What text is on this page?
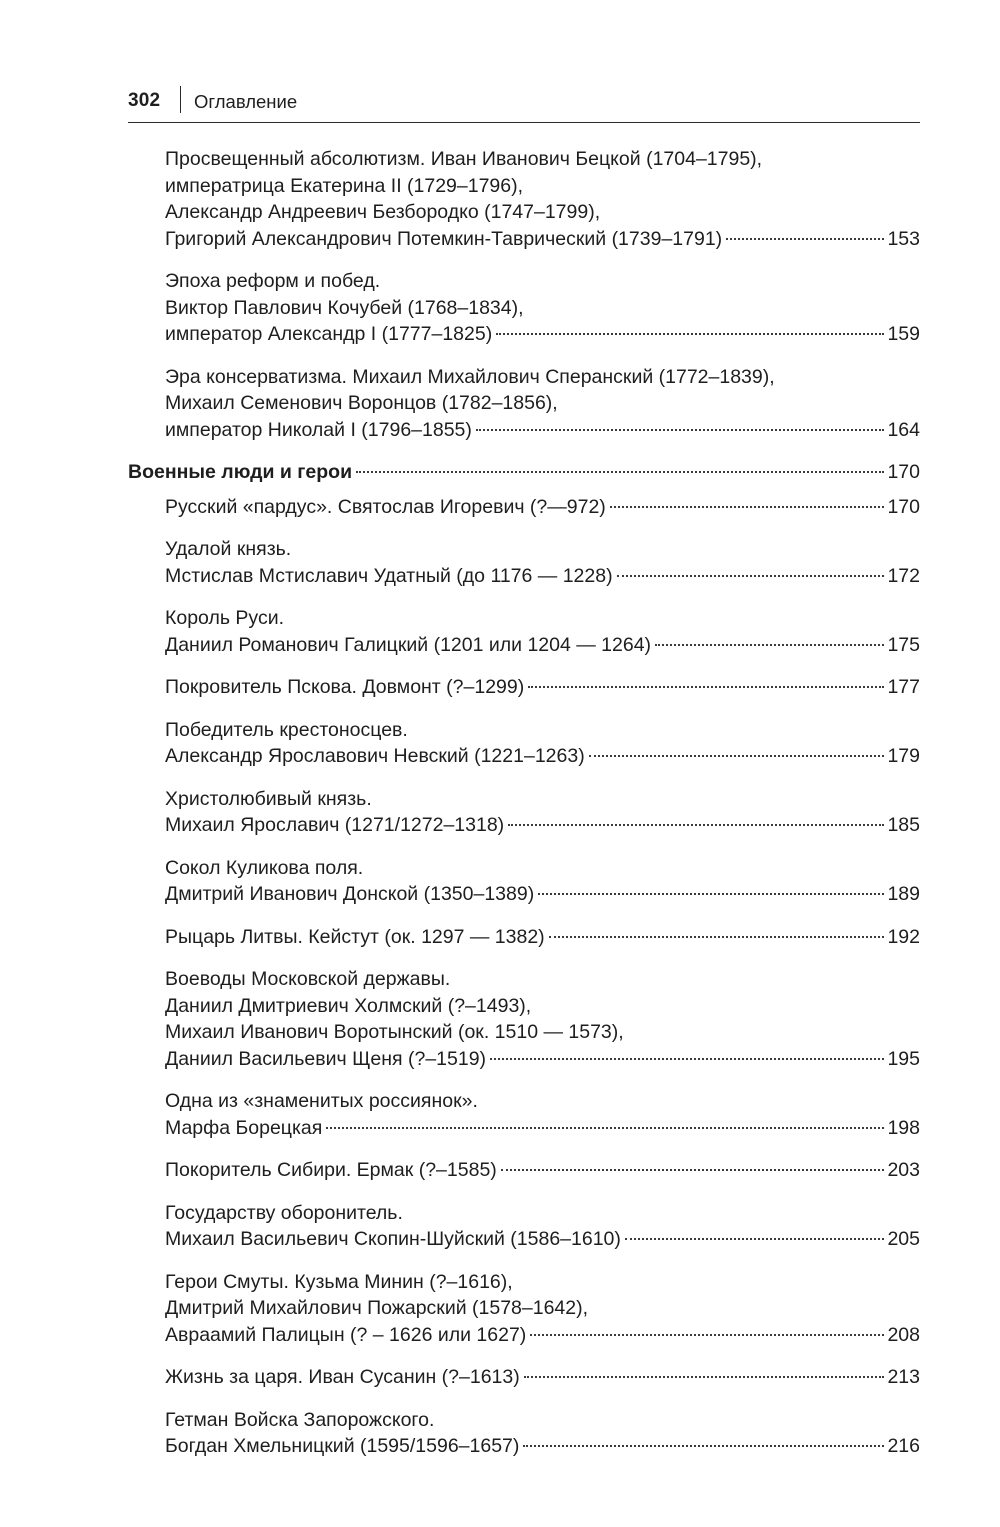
302 Оглавление
Просвещенный абсолютизм. Иван Иванович Бецкой (1704–1795),
императрица Екатерина II (1729–1796),
Александр Андреевич Безбородко (1747–1799),
Григорий Александрович Потемкин-Таврический (1739–1791)	153
Эпоха реформ и побед.
Виктор Павлович Кочубей (1768–1834),
император Александр I (1777–1825)	159
Эра консерватизма. Михаил Михайлович Сперанский (1772–1839),
Михаил Семенович Воронцов (1782–1856),
император Николай I (1796–1855)	164
Военные люди и герои	170
Русский «пардус». Святослав Игоревич (?—972)	170
Удалой князь.
Мстислав Мстиславич Удатный (до 1176 — 1228)	172
Король Руси.
Даниил Романович Галицкий (1201 или 1204 — 1264)	175
Покровитель Пскова. Довмонт (?–1299)	177
Победитель крестоносцев.
Александр Ярославович Невский (1221–1263)	179
Христолюбивый князь.
Михаил Ярославич (1271/1272–1318)	185
Сокол Куликова поля.
Дмитрий Иванович Донской (1350–1389)	189
Рыцарь Литвы. Кейстут (ок. 1297 — 1382)	192
Воеводы Московской державы.
Даниил Дмитриевич Холмский (?–1493),
Михаил Иванович Воротынский (ок. 1510 — 1573),
Даниил Васильевич Щеня (?–1519)	195
Одна из «знаменитых россиянок».
Марфа Борецкая	198
Покоритель Сибири. Ермак (?–1585)	203
Государству оборонитель.
Михаил Васильевич Скопин-Шуйский (1586–1610)	205
Герои Смуты. Кузьма Минин (?–1616),
Дмитрий Михайлович Пожарский (1578–1642),
Авраамий Палицын (? – 1626 или 1627)	208
Жизнь за царя. Иван Сусанин (?–1613)	213
Гетман Войска Запорожского.
Богдан Хмельницкий (1595/1596–1657)	216
